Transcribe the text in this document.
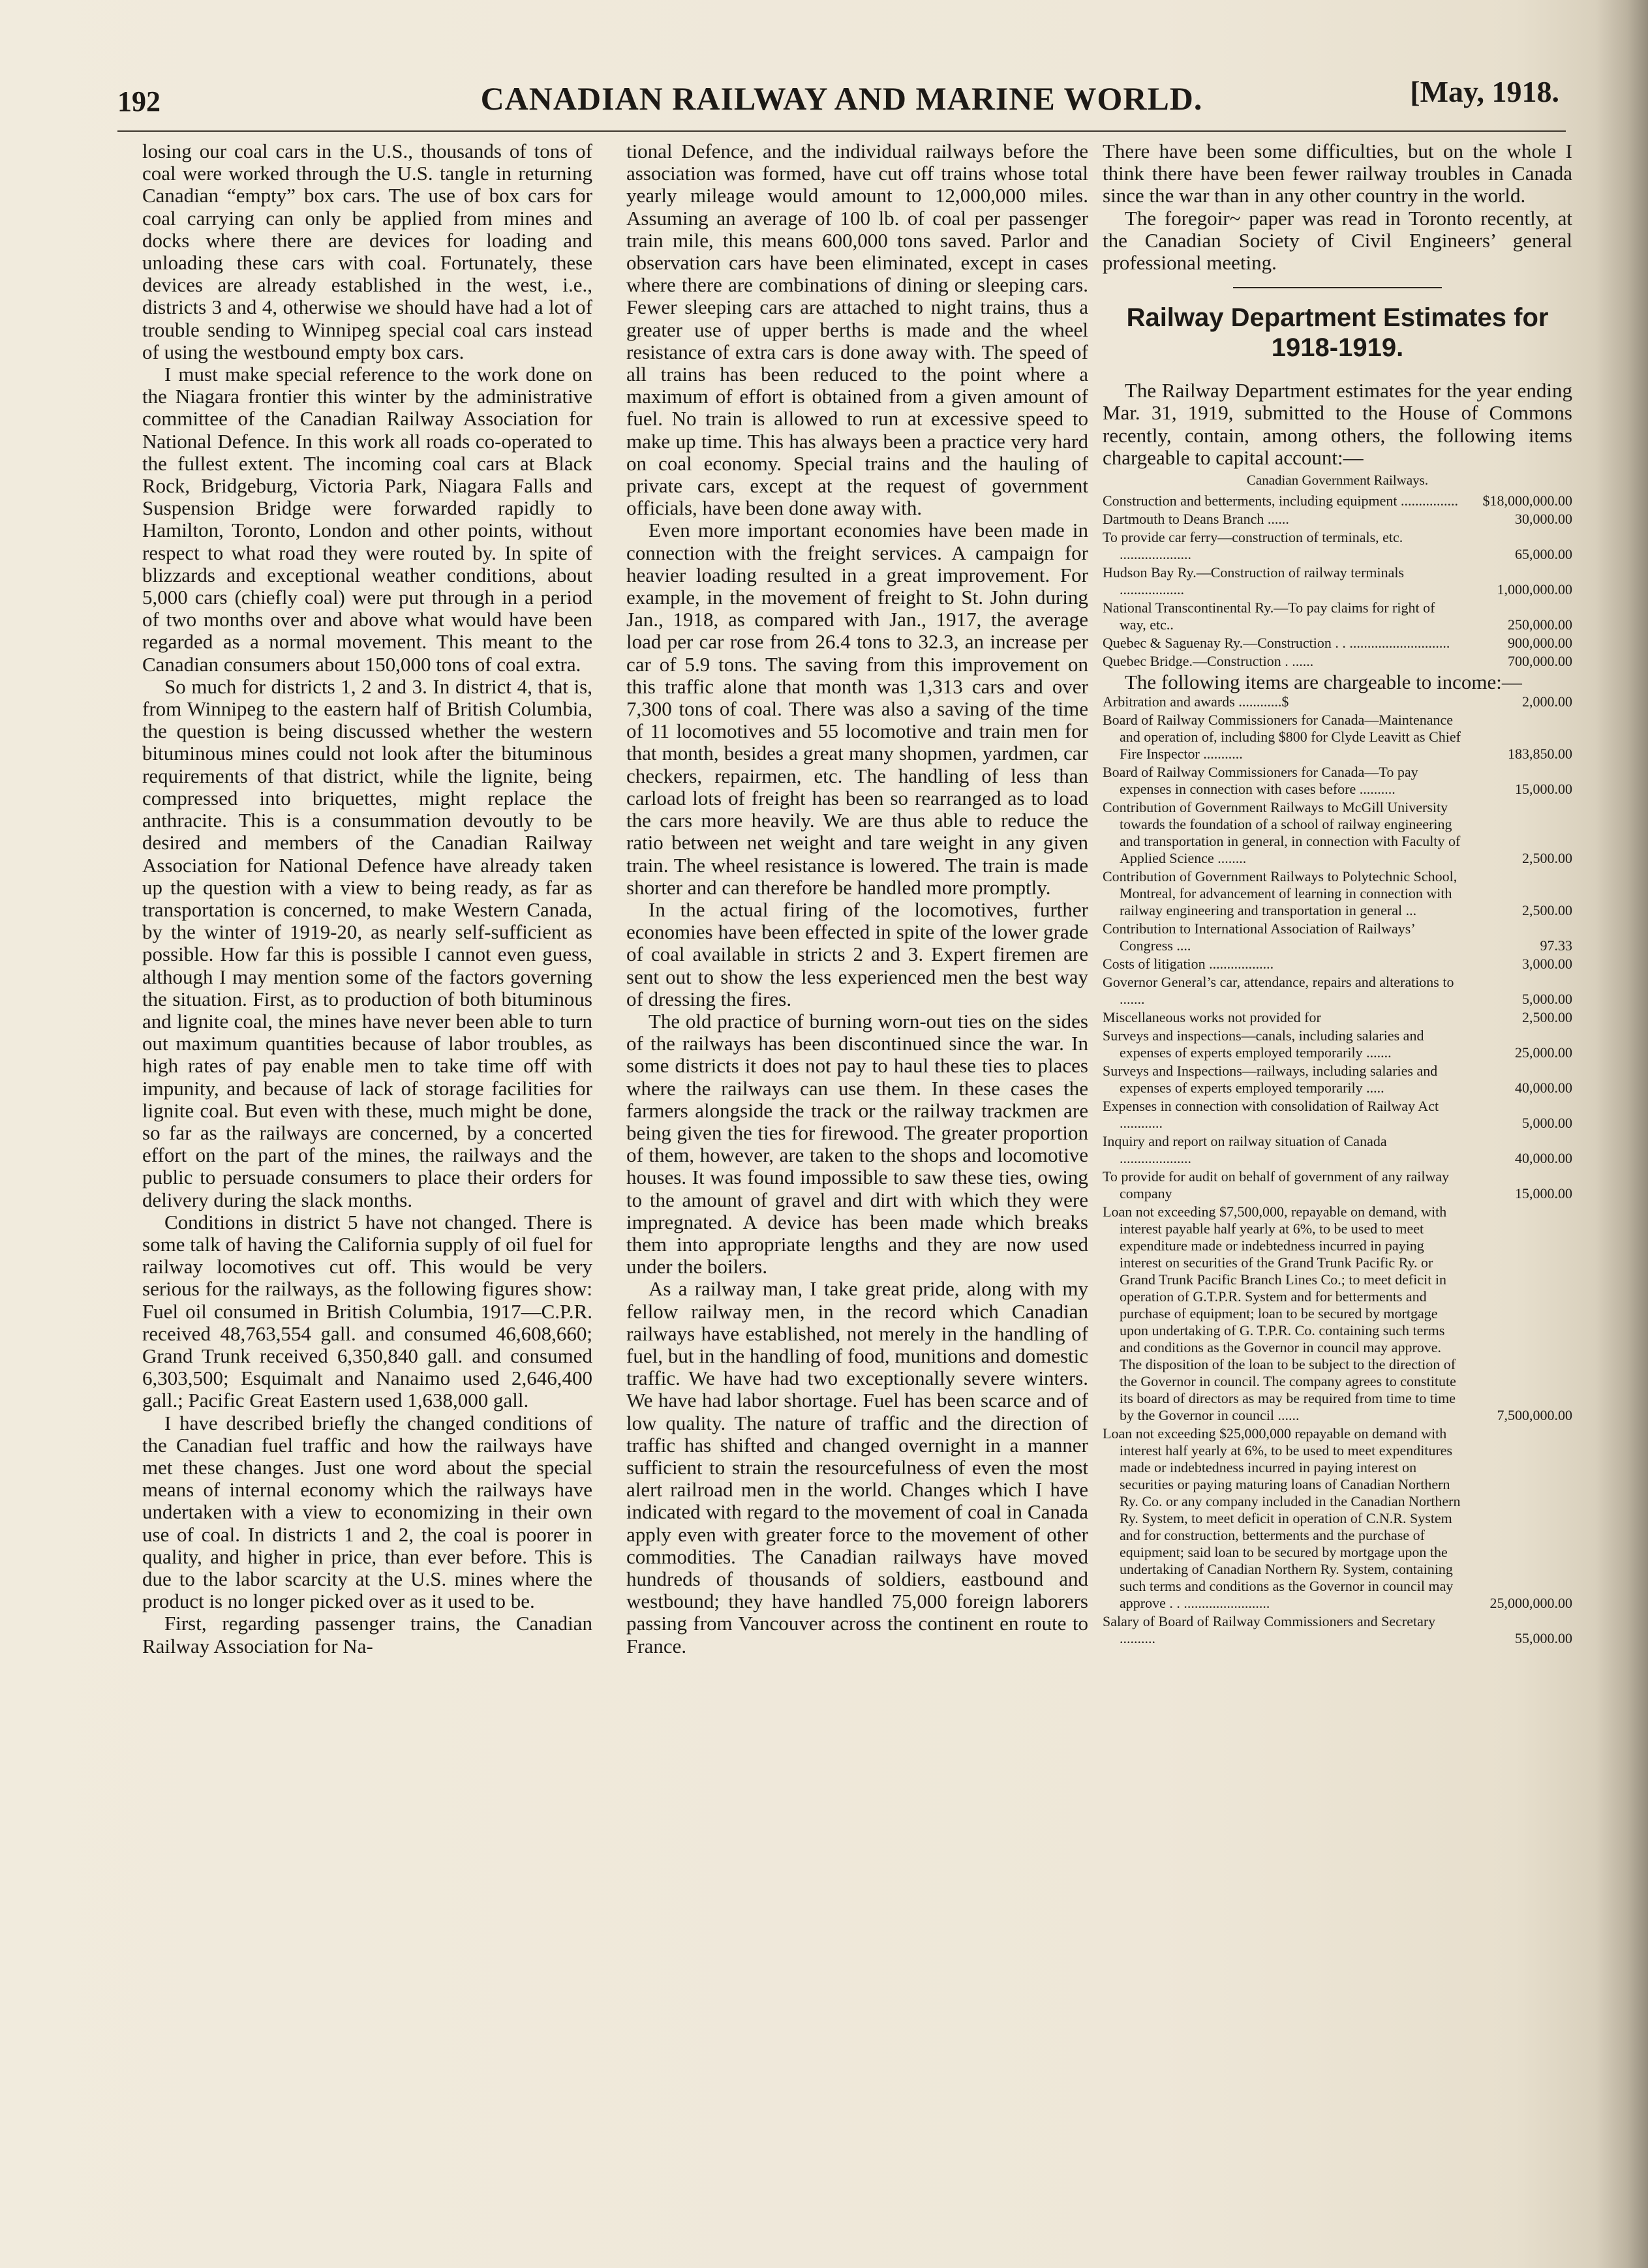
192	CANADIAN RAILWAY AND MARINE WORLD.	[May, 1918.

losing our coal cars in the U.S., thousands of tons of coal were worked through the U.S. tangle in returning Canadian “empty” box cars. The use of box cars for coal carrying can only be applied from mines and docks where there are devices for loading and unloading these cars with coal. Fortunately, these devices are already established in the west, i.e., districts 3 and 4, otherwise we should have had a lot of trouble sending to Winnipeg special coal cars instead of using the westbound empty box cars.

I must make special reference to the work done on the Niagara frontier this winter by the administrative committee of the Canadian Railway Association for National Defence. In this work all roads co-operated to the fullest extent. The incoming coal cars at Black Rock, Bridgeburg, Victoria Park, Niagara Falls and Suspension Bridge were forwarded rapidly to Hamilton, Toronto, London and other points, without respect to what road they were routed by. In spite of blizzards and exceptional weather conditions, about 5,000 cars (chiefly coal) were put through in a period of two months over and above what would have been regarded as a normal movement. This meant to the Canadian consumers about 150,000 tons of coal extra.

So much for districts 1, 2 and 3. In district 4, that is, from Winnipeg to the eastern half of British Columbia, the question is being discussed whether the western bituminous mines could not look after the bituminous requirements of that district, while the lignite, being compressed into briquettes, might replace the anthracite. This is a consummation devoutly to be desired and members of the Canadian Railway Association for National Defence have already taken up the question with a view to being ready, as far as transportation is concerned, to make Western Canada, by the winter of 1919-20, as nearly self-sufficient as possible. How far this is possible I cannot even guess, although I may mention some of the factors governing the situation. First, as to production of both bituminous and lignite coal, the mines have never been able to turn out maximum quantities because of labor troubles, as high rates of pay enable men to take time off with impunity, and because of lack of storage facilities for lignite coal. But even with these, much might be done, so far as the railways are concerned, by a concerted effort on the part of the mines, the railways and the public to persuade consumers to place their orders for delivery during the slack months.

Conditions in district 5 have not changed. There is some talk of having the California supply of oil fuel for railway locomotives cut off. This would be very serious for the railways, as the following figures show: Fuel oil consumed in British Columbia, 1917—C.P.R. received 48,763,554 gall. and consumed 46,608,660; Grand Trunk received 6,350,840 gall. and consumed 6,303,500; Esquimalt and Nanaimo used 2,646,400 gall.; Pacific Great Eastern used 1,638,000 gall.

I have described briefly the changed conditions of the Canadian fuel traffic and how the railways have met these changes. Just one word about the special means of internal economy which the railways have undertaken with a view to economizing in their own use of coal. In districts 1 and 2, the coal is poorer in quality, and higher in price, than ever before. This is due to the labor scarcity at the U.S. mines where the product is no longer picked over as it used to be.

First, regarding passenger trains, the Canadian Railway Association for Na-

tional Defence, and the individual railways before the association was formed, have cut off trains whose total yearly mileage would amount to 12,000,000 miles. Assuming an average of 100 lb. of coal per passenger train mile, this means 600,000 tons saved. Parlor and observation cars have been eliminated, except in cases where there are combinations of dining or sleeping cars. Fewer sleeping cars are attached to night trains, thus a greater use of upper berths is made and the wheel resistance of extra cars is done away with. The speed of all trains has been reduced to the point where a maximum of effort is obtained from a given amount of fuel. No train is allowed to run at excessive speed to make up time. This has always been a practice very hard on coal economy. Special trains and the hauling of private cars, except at the request of government officials, have been done away with.

Even more important economies have been made in connection with the freight services. A campaign for heavier loading resulted in a great improvement. For example, in the movement of freight to St. John during Jan., 1918, as compared with Jan., 1917, the average load per car rose from 26.4 tons to 32.3, an increase per car of 5.9 tons. The saving from this improvement on this traffic alone that month was 1,313 cars and over 7,300 tons of coal. There was also a saving of the time of 11 locomotives and 55 locomotive and train men for that month, besides a great many shopmen, yardmen, car checkers, repairmen, etc. The handling of less than carload lots of freight has been so rearranged as to load the cars more heavily. We are thus able to reduce the ratio between net weight and tare weight in any given train. The wheel resistance is lowered. The train is made shorter and can therefore be handled more promptly.

In the actual firing of the locomotives, further economies have been effected in spite of the lower grade of coal available in stricts 2 and 3. Expert firemen are sent out to show the less experienced men the best way of dressing the fires.

The old practice of burning worn-out ties on the sides of the railways has been discontinued since the war. In some districts it does not pay to haul these ties to places where the railways can use them. In these cases the farmers alongside the track or the railway trackmen are being given the ties for firewood. The greater proportion of them, however, are taken to the shops and locomotive houses. It was found impossible to saw these ties, owing to the amount of gravel and dirt with which they were impregnated. A device has been made which breaks them into appropriate lengths and they are now used under the boilers.

As a railway man, I take great pride, along with my fellow railway men, in the record which Canadian railways have established, not merely in the handling of fuel, but in the handling of food, munitions and domestic traffic. We have had two exceptionally severe winters. We have had labor shortage. Fuel has been scarce and of low quality. The nature of traffic and the direction of traffic has shifted and changed overnight in a manner sufficient to strain the resourcefulness of even the most alert railroad men in the world. Changes which I have indicated with regard to the movement of coal in Canada apply even with greater force to the movement of other commodities. The Canadian railways have moved hundreds of thousands of soldiers, eastbound and westbound; they have handled 75,000 foreign laborers passing from Vancouver across the continent en route to France.

There have been some difficulties, but on the whole I think there have been fewer railway troubles in Canada since the war than in any other country in the world.

The foregoir~ paper was read in Toronto recently, at the Canadian Society of Civil Engineers’ general professional meeting.

Railway Department Estimates for 1918-1919.

The Railway Department estimates for the year ending Mar. 31, 1919, submitted to the House of Commons recently, contain, among others, the following items chargeable to capital account:—

Canadian Government Railways.
Construction and betterments, including equipment ................	$18,000,000.00
Dartmouth to Deans Branch ......	30,000.00
To provide car ferry—construction of terminals, etc. ....................	65,000.00
Hudson Bay Ry.—Construction of railway terminals ..................	1,000,000.00
National Transcontinental Ry.—To pay claims for right of way, etc..	250,000.00
Quebec & Saguenay Ry.—Construction . . ............................	900,000.00
Quebec Bridge.—Construction . ......	700,000.00

The following items are chargeable to income:—

Arbitration and awards ............$	2,000.00
Board of Railway Commissioners for Canada—Maintenance and operation of, including $800 for Clyde Leavitt as Chief Fire Inspector ...........	183,850.00
Board of Railway Commissioners for Canada—To pay expenses in connection with cases before ..........	15,000.00
Contribution of Government Railways to McGill University towards the foundation of a school of railway engineering and transportation in general, in connection with Faculty of Applied Science ........	2,500.00
Contribution of Government Railways to Polytechnic School, Montreal, for advancement of learning in connection with railway engineering and transportation in general ...	2,500.00
Contribution to International Association of Railways’ Congress ....	97.33
Costs of litigation ..................	3,000.00
Governor General’s car, attendance, repairs and alterations to .......	5,000.00
Miscellaneous works not provided for	2,500.00
Surveys and inspections—canals, including salaries and expenses of experts employed temporarily .......	25,000.00
Surveys and Inspections—railways, including salaries and expenses of experts employed temporarily .....	40,000.00
Expenses in connection with consolidation of Railway Act ............	5,000.00
Inquiry and report on railway situation of Canada ....................	40,000.00
To provide for audit on behalf of government of any railway company	15,000.00
Loan not exceeding $7,500,000, repayable on demand, with interest payable half yearly at 6%, to be used to meet expenditure made or indebtedness incurred in paying interest on securities of the Grand Trunk Pacific Ry. or Grand Trunk Pacific Branch Lines Co.; to meet deficit in operation of G.T.P.R. System and for betterments and purchase of equipment; loan to be secured by mortgage upon undertaking of G. T.P.R. Co. containing such terms and conditions as the Governor in council may approve. The disposition of the loan to be subject to the direction of the Governor in council. The company agrees to constitute its board of directors as may be required from time to time by the Governor in council ......	7,500,000.00
Loan not exceeding $25,000,000 repayable on demand with interest half yearly at 6%, to be used to meet expenditures made or indebtedness incurred in paying interest on securities or paying maturing loans of Canadian Northern Ry. Co. or any company included in the Canadian Northern Ry. System, to meet deficit in operation of C.N.R. System and for construction, betterments and the purchase of equipment; said loan to be secured by mortgage upon the undertaking of Canadian Northern Ry. System, containing such terms and conditions as the Governor in council may approve . . ........................	25,000,000.00
Salary of Board of Railway Commissioners and Secretary ..........	55,000.00
